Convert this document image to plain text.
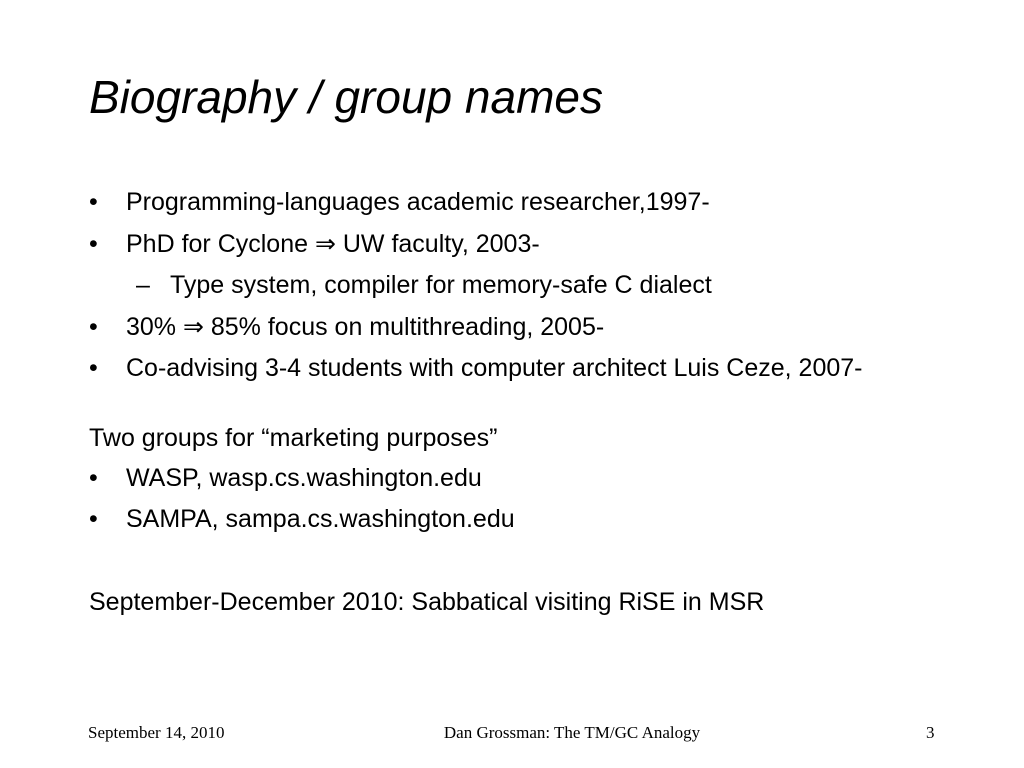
Biography / group names
• Programming-languages academic researcher,1997-
• PhD for Cyclone ⇒ UW faculty, 2003-
– Type system, compiler for memory-safe C dialect
• 30% ⇒ 85% focus on multithreading, 2005-
• Co-advising 3-4 students with computer architect Luis Ceze, 2007-
Two groups for “marketing purposes”
• WASP, wasp.cs.washington.edu
• SAMPA, sampa.cs.washington.edu
September-December 2010: Sabbatical visiting RiSE in MSR
September 14, 2010	Dan Grossman: The TM/GC Analogy	3
